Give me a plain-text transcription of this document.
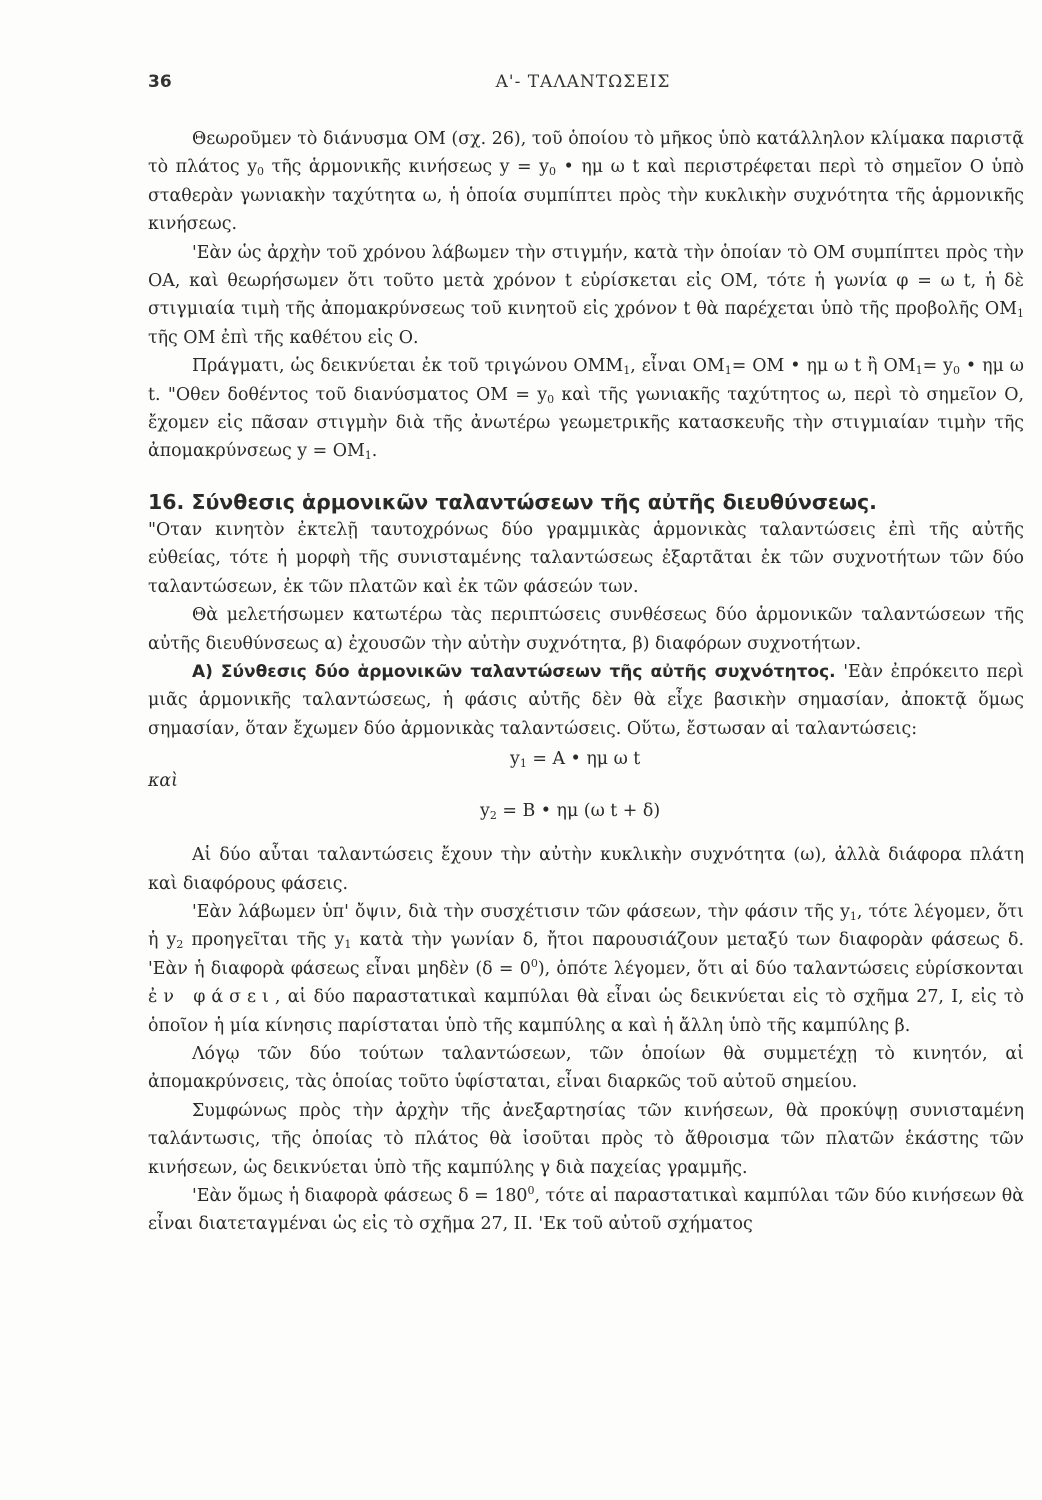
36	Α'- ΤΑΛΑΝΤΩΣΕΙΣ

Θεωροῦμεν τὸ διάνυσμα ΟΜ (σχ. 26), τοῦ ὁποίου τὸ μῆκος ὑπὸ κατάλληλον κλίμακα παριστᾷ τὸ πλάτος $y_0$ τῆς ἁρμονικῆς κινήσεως $y = y_0$ • ημ ω t καὶ περιστρέφεται περὶ τὸ σημεῖον Ο ὑπὸ σταθερὰν γωνιακὴν ταχύτητα ω, ἡ ὁποία συμπίπτει πρὸς τὴν κυκλικὴν συχνότητα τῆς ἁρμονικῆς κινήσεως.

'Εὰν ὡς ἀρχὴν τοῦ χρόνου λάβωμεν τὴν στιγμήν, κατὰ τὴν ὁποίαν τὸ ΟΜ συμπίπτει πρὸς τὴν ΟΑ, καὶ θεωρήσωμεν ὅτι τοῦτο μετὰ χρόνον t εὑρίσκεται εἰς ΟΜ, τότε ἡ γωνία φ = ω t, ἡ δὲ στιγμιαία τιμὴ τῆς ἀπομακρύνσεως τοῦ κινητοῦ εἰς χρόνον t θὰ παρέχεται ὑπὸ τῆς προβολῆς $OM_1$ τῆς ΟΜ ἐπὶ τῆς καθέτου εἰς Ο.

Πράγματι, ὡς δεικνύεται ἐκ τοῦ τριγώνου $OMM_1$, εἶναι $OM_1= OM$ • ημ ω t ἢ $OM_1= y_0$ • ημ ω t. "Οθεν δοθέντος τοῦ διανύσματος $OM = y_0$ καὶ τῆς γωνιακῆς ταχύτητος ω, περὶ τὸ σημεῖον Ο, ἔχομεν εἰς πᾶσαν στιγμὴν διὰ τῆς ἀνωτέρω γεωμετρικῆς κατασκευῆς τὴν στιγμιαίαν τιμὴν τῆς ἀπομακρύνσεως $y = OM_1$.

16. Σύνθεσις ἁρμονικῶν ταλαντώσεων τῆς αὐτῆς διευθύνσεως.

"Οταν κινητὸν ἐκτελῇ ταυτοχρόνως δύο γραμμικὰς ἁρμονικὰς ταλαντώσεις ἐπὶ τῆς αὐτῆς εὐθείας, τότε ἡ μορφὴ τῆς συνισταμένης ταλαντώσεως ἐξαρτᾶται ἐκ τῶν συχνοτήτων τῶν δύο ταλαντώσεων, ἐκ τῶν πλατῶν καὶ ἐκ τῶν φάσεών των.

Θὰ μελετήσωμεν κατωτέρω τὰς περιπτώσεις συνθέσεως δύο ἁρμονικῶν ταλαντώσεων τῆς αὐτῆς διευθύνσεως α) ἐχουσῶν τὴν αὐτὴν συχνότητα, β) διαφόρων συχνοτήτων.

Α) Σύνθεσις δύο ἁρμονικῶν ταλαντώσεων τῆς αὐτῆς συχνότητος. 'Εὰν ἐπρόκειτο περὶ μιᾶς ἁρμονικῆς ταλαντώσεως, ἡ φάσις αὐτῆς δὲν θὰ εἶχε βασικὴν σημασίαν, ἀποκτᾷ ὅμως σημασίαν, ὅταν ἔχωμεν δύο ἁρμονικὰς ταλαντώσεις. Οὕτω, ἔστωσαν αἱ ταλαντώσεις:

$y_1 = A$ • ημ ω t
καὶ
$y_2 = B$ • ημ (ω t + δ)

Αἱ δύο αὗται ταλαντώσεις ἔχουν τὴν αὐτὴν κυκλικὴν συχνότητα (ω), ἀλλὰ διάφορα πλάτη καὶ διαφόρους φάσεις.

'Εὰν λάβωμεν ὑπ' ὄψιν, διὰ τὴν συσχέτισιν τῶν φάσεων, τὴν φάσιν τῆς $y_1$, τότε λέγομεν, ὅτι ἡ $y_2$ προηγεῖται τῆς $y_1$ κατὰ τὴν γωνίαν δ, ἤτοι παρουσιάζουν μεταξύ των διαφορὰν φάσεως δ. 'Εὰν ἡ διαφορὰ φάσεως εἶναι μηδὲν $(\delta = 0^0)$, ὁπότε λέγομεν, ὅτι αἱ δύο ταλαντώσεις εὑρίσκονται ἐν φάσει, αἱ δύο παραστατικαὶ καμπύλαι θὰ εἶναι ὡς δεικνύεται εἰς τὸ σχῆμα 27, Ι, εἰς τὸ ὁποῖον ἡ μία κίνησις παρίσταται ὑπὸ τῆς καμπύλης α καὶ ἡ ἄλλη ὑπὸ τῆς καμπύλης β.

Λόγῳ τῶν δύο τούτων ταλαντώσεων, τῶν ὁποίων θὰ συμμετέχῃ τὸ κινητόν, αἱ ἀπομακρύνσεις, τὰς ὁποίας τοῦτο ὑφίσταται, εἶναι διαρκῶς τοῦ αὐτοῦ σημείου.

Συμφώνως πρὸς τὴν ἀρχὴν τῆς ἀνεξαρτησίας τῶν κινήσεων, θὰ προκύψῃ συνισταμένη ταλάντωσις, τῆς ὁποίας τὸ πλάτος θὰ ἰσοῦται πρὸς τὸ ἄθροισμα τῶν πλατῶν ἑκάστης τῶν κινήσεων, ὡς δεικνύεται ὑπὸ τῆς καμπύλης γ διὰ παχείας γραμμῆς.

'Εὰν ὅμως ἡ διαφορὰ φάσεως $\delta = 180^0$, τότε αἱ παραστατικαὶ καμπύλαι τῶν δύο κινήσεων θὰ εἶναι διατεταγμέναι ὡς εἰς τὸ σχῆμα 27, ΙΙ. 'Εκ τοῦ αὐτοῦ σχήματος
